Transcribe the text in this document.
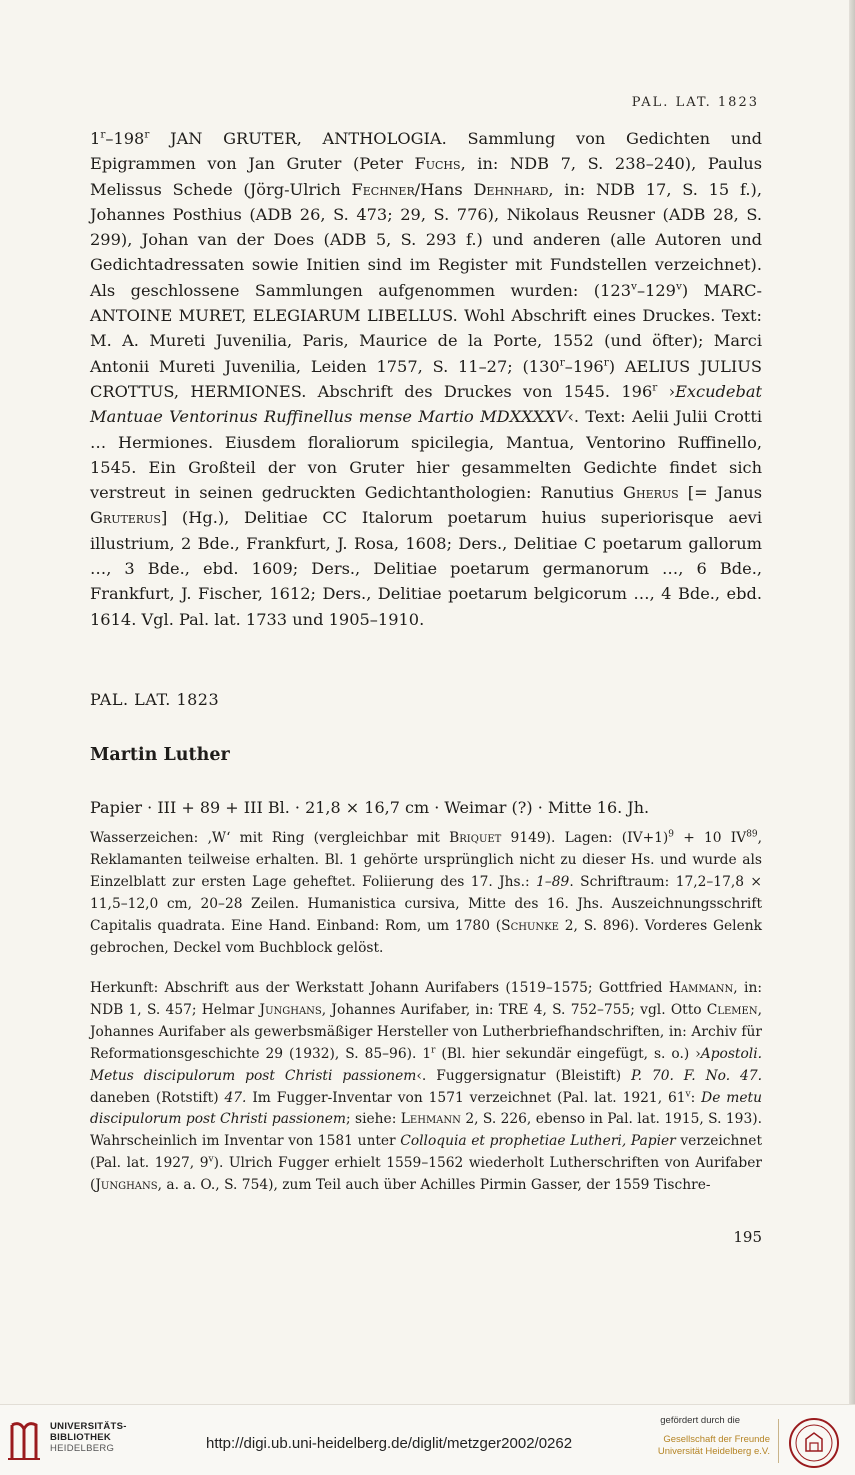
PAL. LAT. 1823

1$^r$–198$^r$ JAN GRUTER, ANTHOLOGIA. Sammlung von Gedichten und Epigrammen von Jan Gruter (Peter Fuchs, in: NDB 7, S. 238–240), Paulus Melissus Schede (Jörg-Ulrich Fechner/Hans Dehnhard, in: NDB 17, S. 15 f.), Johannes Posthius (ADB 26, S. 473; 29, S. 776), Nikolaus Reusner (ADB 28, S. 299), Johan van der Does (ADB 5, S. 293 f.) und anderen (alle Autoren und Gedichtadressaten sowie Initien sind im Register mit Fundstellen verzeichnet). Als geschlossene Sammlungen aufgenommen wurden: (123$^v$–129$^v$) MARC-ANTOINE MURET, ELEGIARUM LIBELLUS. Wohl Abschrift eines Druckes. Text: M. A. Mureti Juvenilia, Paris, Maurice de la Porte, 1552 (und öfter); Marci Antonii Mureti Juvenilia, Leiden 1757, S. 11–27; (130$^r$–196$^r$) AELIUS JULIUS CROTTUS, HERMIONES. Abschrift des Druckes von 1545. 196$^r$ ›Excudebat Mantuae Ventorinus Ruffinellus mense Martio MDXXXXV‹. Text: Aelii Julii Crotti … Hermiones. Eiusdem floraliorum spicilegia, Mantua, Ventorino Ruffinello, 1545. Ein Großteil der von Gruter hier gesammelten Gedichte findet sich verstreut in seinen gedruckten Gedichtanthologien: Ranutius Gherus [= Janus Gruterus] (Hg.), Delitiae CC Italorum poetarum huius superiorisque aevi illustrium, 2 Bde., Frankfurt, J. Rosa, 1608; Ders., Delitiae C poetarum gallorum …, 3 Bde., ebd. 1609; Ders., Delitiae poetarum germanorum …, 6 Bde., Frankfurt, J. Fischer, 1612; Ders., Delitiae poetarum belgicorum …, 4 Bde., ebd. 1614. Vgl. Pal. lat. 1733 und 1905–1910.

PAL. LAT. 1823
Martin Luther
Papier · III + 89 + III Bl. · 21,8 × 16,7 cm · Weimar (?) · Mitte 16. Jh.

Wasserzeichen: ‚W‘ mit Ring (vergleichbar mit Briquet 9149). Lagen: $(IV+1)^9 + 10$ IV$^{89}$, Reklamanten teilweise erhalten. Bl. 1 gehörte ursprünglich nicht zu dieser Hs. und wurde als Einzelblatt zur ersten Lage geheftet. Foliierung des 17. Jhs.: 1–89. Schriftraum: 17,2–17,8 × 11,5–12,0 cm, 20–28 Zeilen. Humanistica cursiva, Mitte des 16. Jhs. Auszeichnungsschrift Capitalis quadrata. Eine Hand. Einband: Rom, um 1780 (Schunke 2, S. 896). Vorderes Gelenk gebrochen, Deckel vom Buchblock gelöst.

Herkunft: Abschrift aus der Werkstatt Johann Aurifabers (1519–1575; Gottfried Hammann, in: NDB 1, S. 457; Helmar Junghans, Johannes Aurifaber, in: TRE 4, S. 752–755; vgl. Otto Clemen, Johannes Aurifaber als gewerbsmäßiger Hersteller von Lutherbriefhandschriften, in: Archiv für Reformationsgeschichte 29 (1932), S. 85–96). 1$^r$ (Bl. hier sekundär eingefügt, s. o.) ›Apostoli. Metus discipulorum post Christi passionem‹. Fuggersignatur (Bleistift) P. 70. F. No. 47. daneben (Rotstift) 47. Im Fugger-Inventar von 1571 verzeichnet (Pal. lat. 1921, 61$^v$: De metu discipulorum post Christi passionem; siehe: Lehmann 2, S. 226, ebenso in Pal. lat. 1915, S. 193). Wahrscheinlich im Inventar von 1581 unter Colloquia et prophetiae Lutheri, Papier verzeichnet (Pal. lat. 1927, 9$^v$). Ulrich Fugger erhielt 1559–1562 wiederholt Lutherschriften von Aurifaber (Junghans, a. a. O., S. 754), zum Teil auch über Achilles Pirmin Gasser, der 1559 Tischre-

195
UNIVERSITÄTS-
BIBLIOTHEK
HEIDELBERG	http://digi.ub.uni-heidelberg.de/diglit/metzger2002/0262
gefördert durch die
Gesellschaft der Freunde
Universität Heidelberg e.V.
